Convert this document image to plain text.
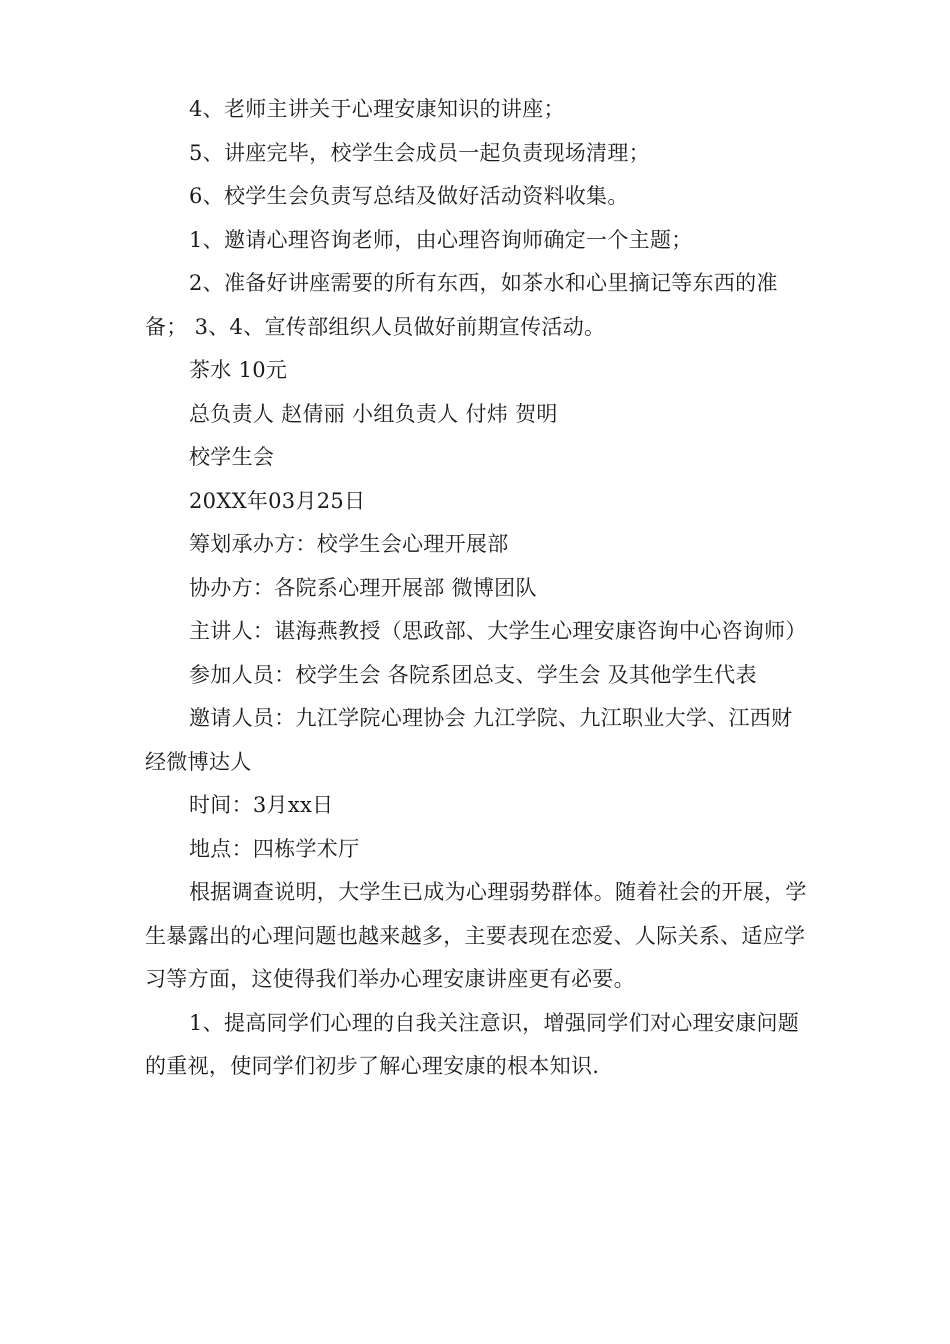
4、老师主讲关于心理安康知识的讲座；

5、讲座完毕，校学生会成员一起负责现场清理；

6、校学生会负责写总结及做好活动资料收集。

1、邀请心理咨询老师，由心理咨询师确定一个主题；

2、准备好讲座需要的所有东西，如茶水和心里摘记等东西的准备； 3、4、宣传部组织人员做好前期宣传活动。

茶水 10元

总负责人 赵倩丽 小组负责人 付炜 贺明

校学生会

20XX年03月25日

筹划承办方：校学生会心理开展部

协办方：各院系心理开展部 微博团队

主讲人：谌海燕教授（思政部、大学生心理安康咨询中心咨询师）

参加人员：校学生会 各院系团总支、学生会 及其他学生代表

邀请人员：九江学院心理协会 九江学院、九江职业大学、江西财经微博达人

时间：3月xx日

地点：四栋学术厅

根据调查说明，大学生已成为心理弱势群体。随着社会的开展，学生暴露出的心理问题也越来越多，主要表现在恋爱、人际关系、适应学习等方面，这使得我们举办心理安康讲座更有必要。

1、提高同学们心理的自我关注意识，增强同学们对心理安康问题的重视，使同学们初步了解心理安康的根本知识.
